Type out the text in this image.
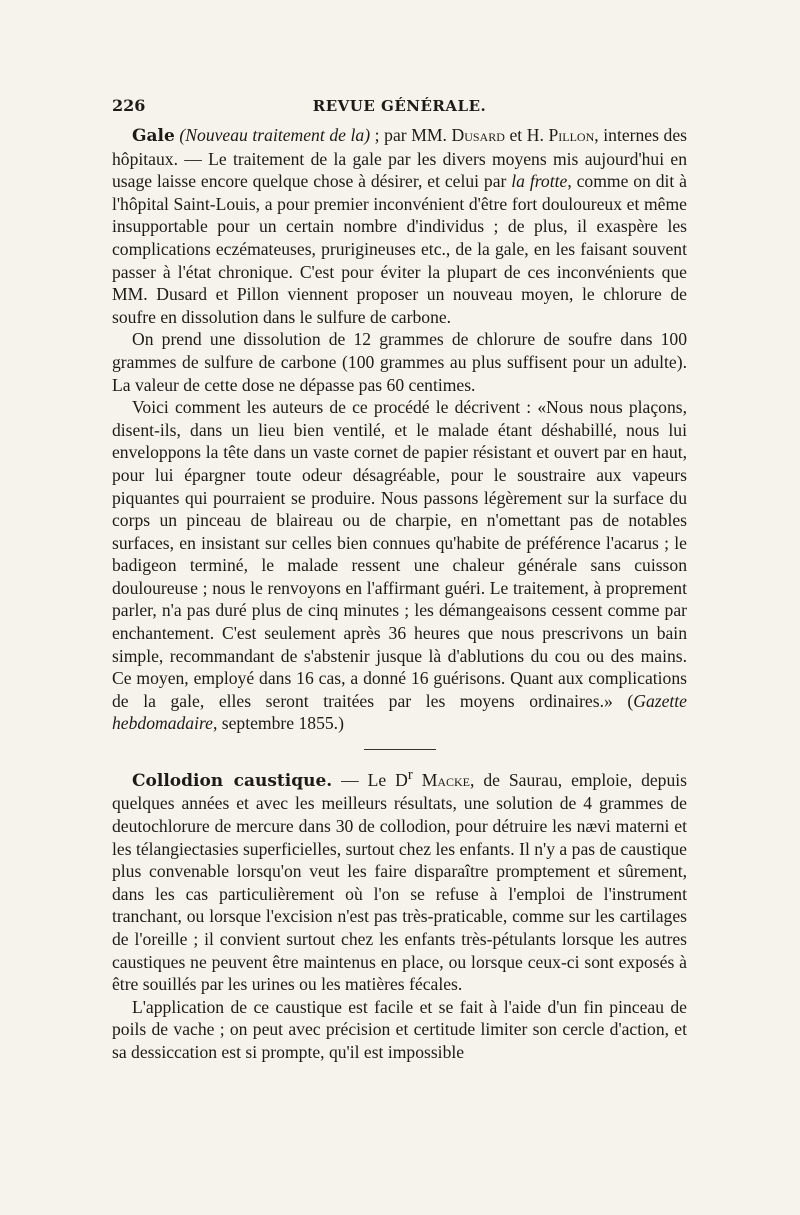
226	REVUE GÉNÉRALE.

Gale (Nouveau traitement de la) ; par MM. Dusard et H. Pillon, internes des hôpitaux. — Le traitement de la gale par les divers moyens mis aujourd'hui en usage laisse encore quelque chose à désirer, et celui par la frotte, comme on dit à l'hôpital Saint-Louis, a pour premier inconvénient d'être fort douloureux et même insupportable pour un certain nombre d'individus ; de plus, il exaspère les complications eczémateuses, prurigineuses etc., de la gale, en les faisant souvent passer à l'état chronique. C'est pour éviter la plupart de ces inconvénients que MM. Dusard et Pillon viennent proposer un nouveau moyen, le chlorure de soufre en dissolution dans le sulfure de carbone.

On prend une dissolution de 12 grammes de chlorure de soufre dans 100 grammes de sulfure de carbone (100 grammes au plus suffisent pour un adulte). La valeur de cette dose ne dépasse pas 60 centimes.

Voici comment les auteurs de ce procédé le décrivent : «Nous nous plaçons, disent-ils, dans un lieu bien ventilé, et le malade étant déshabillé, nous lui enveloppons la tête dans un vaste cornet de papier résistant et ouvert par en haut, pour lui épargner toute odeur désagréable, pour le soustraire aux vapeurs piquantes qui pourraient se produire. Nous passons légèrement sur la surface du corps un pinceau de blaireau ou de charpie, en n'omettant pas de notables surfaces, en insistant sur celles bien connues qu'habite de préférence l'acarus ; le badigeon terminé, le malade ressent une chaleur générale sans cuisson douloureuse ; nous le renvoyons en l'affirmant guéri. Le traitement, à proprement parler, n'a pas duré plus de cinq minutes ; les démangeaisons cessent comme par enchantement. C'est seulement après 36 heures que nous prescrivons un bain simple, recommandant de s'abstenir jusque là d'ablutions du cou ou des mains. Ce moyen, employé dans 16 cas, a donné 16 guérisons. Quant aux complications de la gale, elles seront traitées par les moyens ordinaires.» (Gazette hebdomadaire, septembre 1855.)

Collodion caustique. — Le $D^r$ Macke, de Saurau, emploie, depuis quelques années et avec les meilleurs résultats, une solution de 4 grammes de deutochlorure de mercure dans 30 de collodion, pour détruire les nævi materni et les télangiectasies superficielles, surtout chez les enfants. Il n'y a pas de caustique plus convenable lorsqu'on veut les faire disparaître promptement et sûrement, dans les cas particulièrement où l'on se refuse à l'emploi de l'instrument tranchant, ou lorsque l'excision n'est pas très-praticable, comme sur les cartilages de l'oreille ; il convient surtout chez les enfants très-pétulants lorsque les autres caustiques ne peuvent être maintenus en place, ou lorsque ceux-ci sont exposés à être souillés par les urines ou les matières fécales.

L'application de ce caustique est facile et se fait à l'aide d'un fin pinceau de poils de vache ; on peut avec précision et certitude limiter son cercle d'action, et sa dessiccation est si prompte, qu'il est impossible
